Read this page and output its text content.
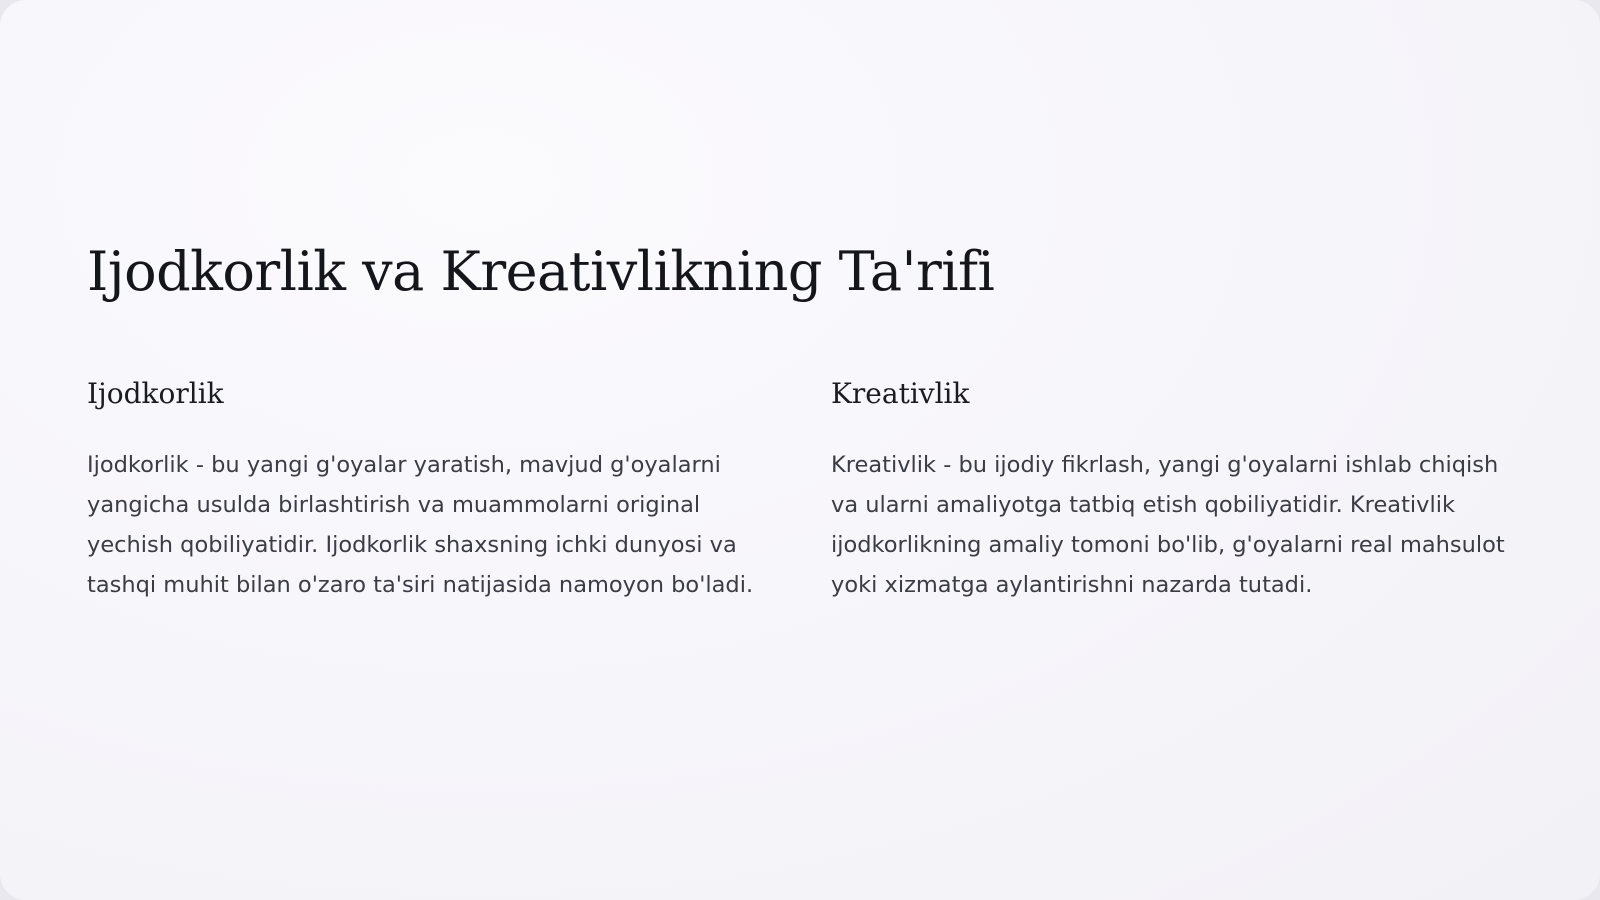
Ijodkorlik va Kreativlikning Ta'rifi
Ijodkorlik

Ijodkorlik - bu yangi g'oyalar yaratish, mavjud g'oyalarni yangicha usulda birlashtirish va muammolarni original yechish qobiliyatidir. Ijodkorlik shaxsning ichki dunyosi va tashqi muhit bilan o'zaro ta'siri natijasida namoyon bo'ladi.

Kreativlik

Kreativlik - bu ijodiy fikrlash, yangi g'oyalarni ishlab chiqish va ularni amaliyotga tatbiq etish qobiliyatidir. Kreativlik ijodkorlikning amaliy tomoni bo'lib, g'oyalarni real mahsulot yoki xizmatga aylantirishni nazarda tutadi.
